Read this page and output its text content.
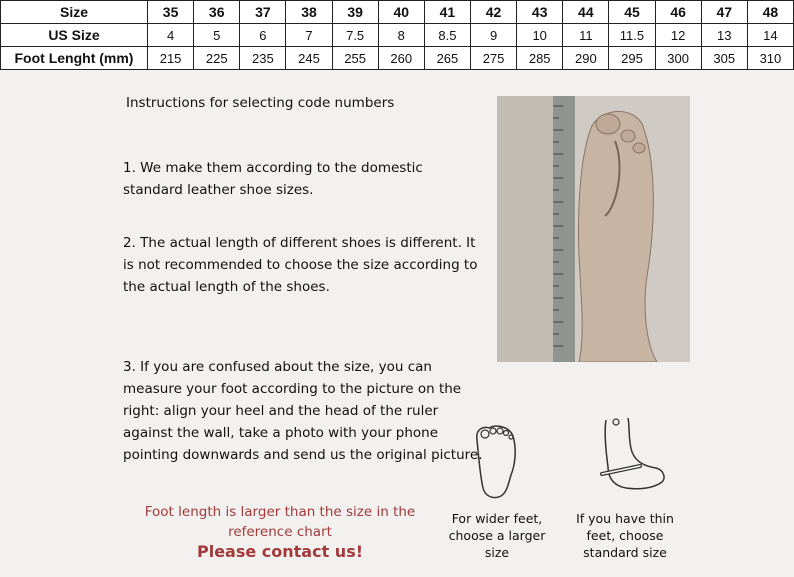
Size	35	36	37	38	39	40	41	42	43	44	45	46	47	48
US Size	4	5	6	7	7.5	8	8.5	9	10	11	11.5	12	13	14
Foot Lenght (mm)	215	225	235	245	255	260	265	275	285	290	295	300	305	310
Instructions for selecting code numbers
1. We make them according to the domestic standard leather shoe sizes.
2. The actual length of different shoes is different. It is not recommended to choose the size according to the actual length of the shoes.
3. If you are confused about the size, you can measure your foot according to the picture on the right: align your heel and the head of the ruler against the wall, take a photo with your phone pointing downwards and send us the original picture.
Foot length is larger than the size in the reference chart
Please contact us!
For wider feet, choose a larger size
If you have thin feet, choose standard size
